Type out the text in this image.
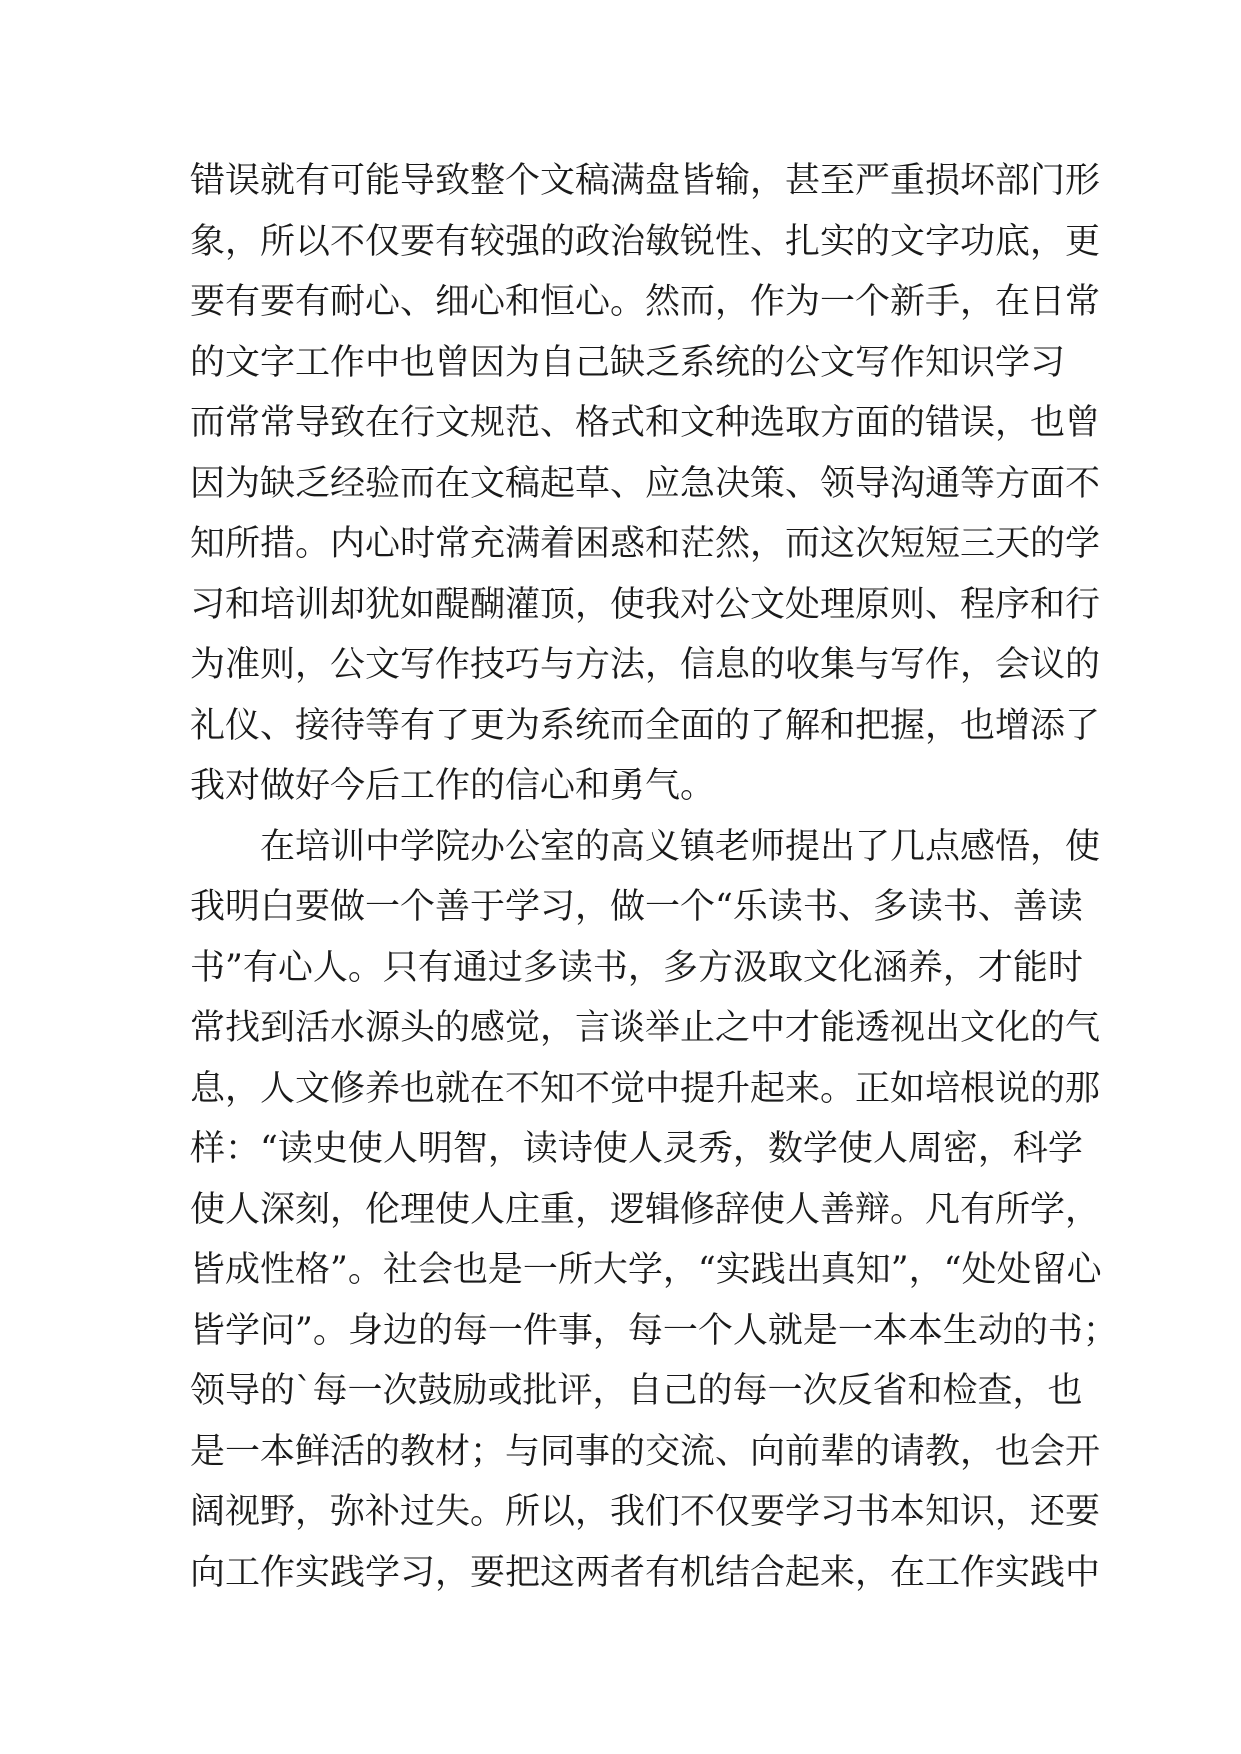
错误就有可能导致整个文稿满盘皆输，甚至严重损坏部门形
象，所以不仅要有较强的政治敏锐性、扎实的文字功底，更
要有要有耐心、细心和恒心。然而，作为一个新手，在日常
的文字工作中也曾因为自己缺乏系统的公文写作知识学习
而常常导致在行文规范、格式和文种选取方面的错误，也曾
因为缺乏经验而在文稿起草、应急决策、领导沟通等方面不
知所措。内心时常充满着困惑和茫然，而这次短短三天的学
习和培训却犹如醍醐灌顶，使我对公文处理原则、程序和行
为准则，公文写作技巧与方法，信息的收集与写作，会议的
礼仪、接待等有了更为系统而全面的了解和把握，也增添了
我对做好今后工作的信心和勇气。
在培训中学院办公室的高义镇老师提出了几点感悟，使
我明白要做一个善于学习，做一个“乐读书、多读书、善读
书”有心人。只有通过多读书，多方汲取文化涵养，才能时
常找到活水源头的感觉，言谈举止之中才能透视出文化的气
息，人文修养也就在不知不觉中提升起来。正如培根说的那
样：“读史使人明智，读诗使人灵秀，数学使人周密，科学
使人深刻，伦理使人庄重，逻辑修辞使人善辩。凡有所学，
皆成性格”。社会也是一所大学，“实践出真知”，“处处留心
皆学问”。身边的每一件事，每一个人就是一本本生动的书；
领导的`每一次鼓励或批评，自己的每一次反省和检查，也
是一本鲜活的教材；与同事的交流、向前辈的请教，也会开
阔视野，弥补过失。所以，我们不仅要学习书本知识，还要
向工作实践学习，要把这两者有机结合起来，在工作实践中
